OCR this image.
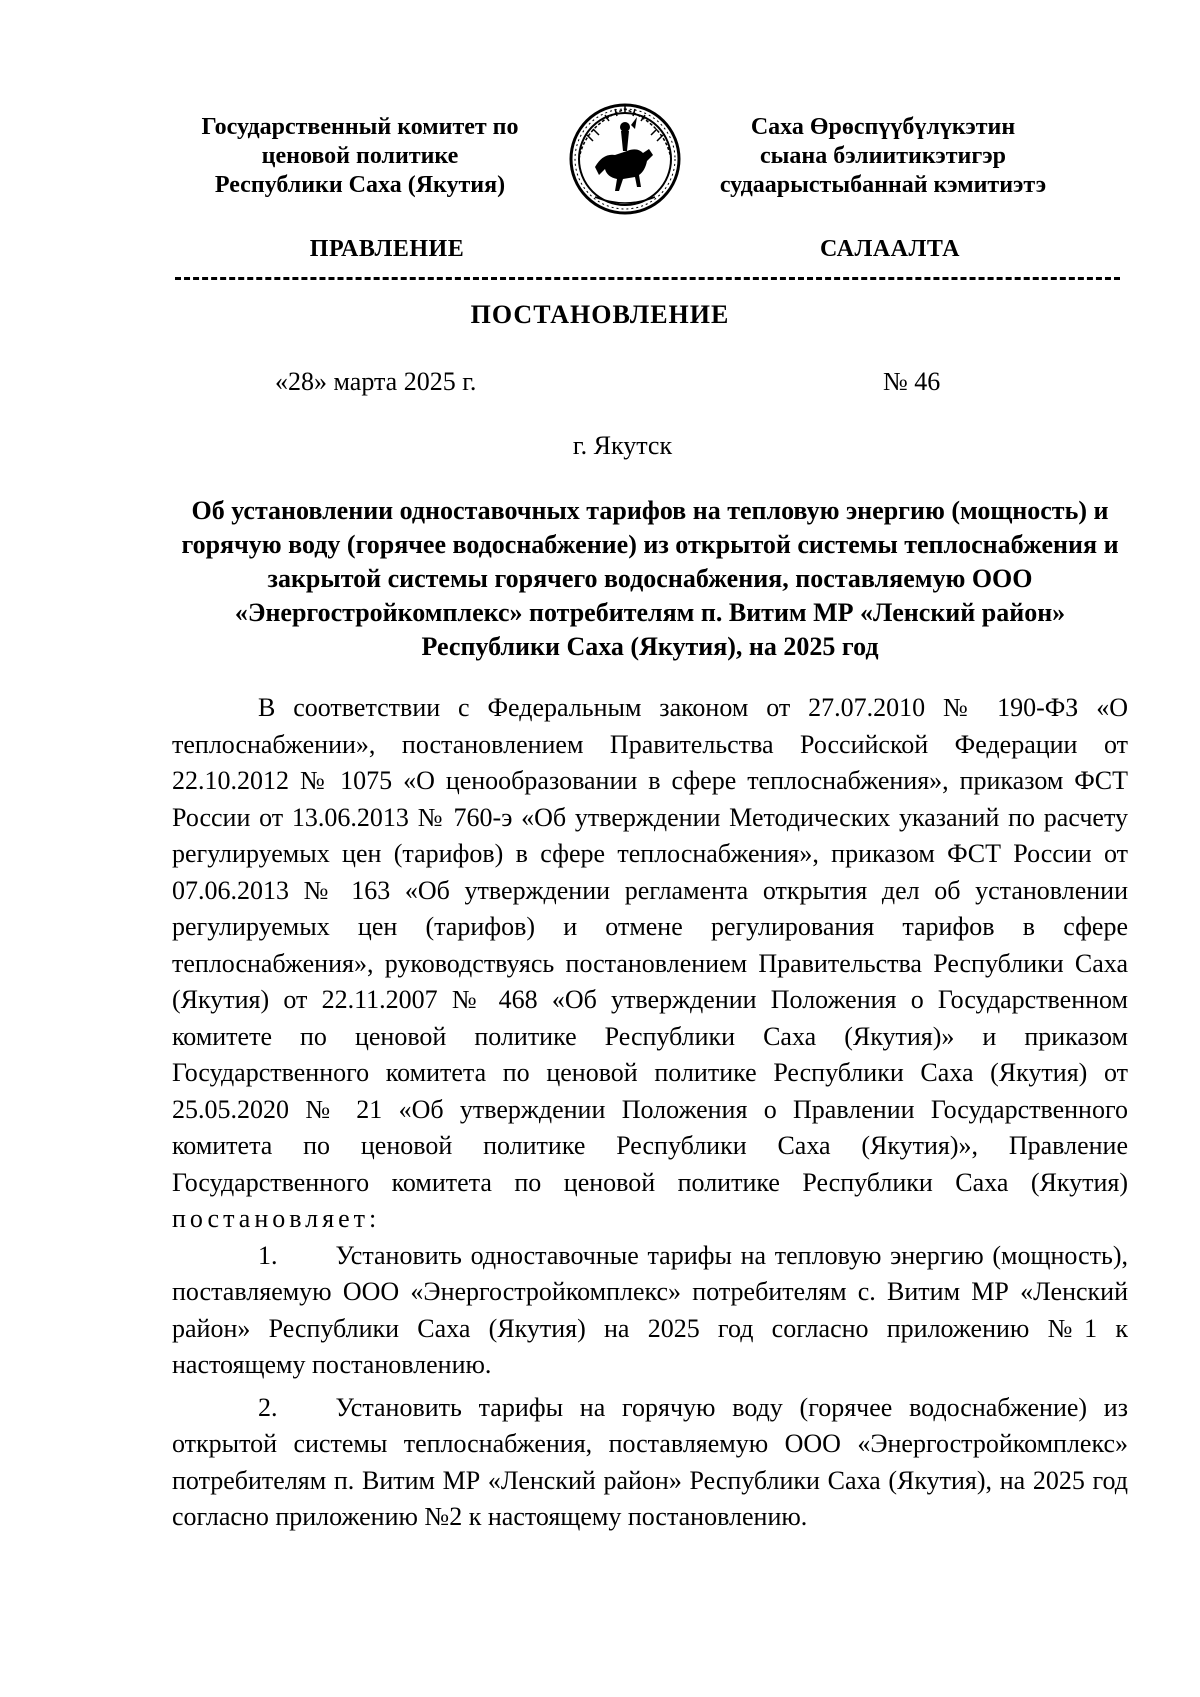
Государственный комитет по
ценовой политике
Республики Саха (Якутия)
Саха Өрөспүүбүлүкэтин
сыана бэлиитикэтигэр
судаарыстыбаннай кэмитиэтэ
ПРАВЛЕНИЕ	САЛААЛТА
ПОСТАНОВЛЕНИЕ
«28» марта 2025 г.	№ 46
г. Якутск
Об установлении одноставочных тарифов на тепловую энергию (мощность) и горячую воду (горячее водоснабжение) из открытой системы теплоснабжения и закрытой системы горячего водоснабжения, поставляемую ООО «Энергостройкомплекс» потребителям п. Витим МР «Ленский район» Республики Саха (Якутия), на 2025 год

В соответствии с Федеральным законом от 27.07.2010 № 190-ФЗ «О теплоснабжении», постановлением Правительства Российской Федерации от 22.10.2012 № 1075 «О ценообразовании в сфере теплоснабжения», приказом ФСТ России от 13.06.2013 № 760-э «Об утверждении Методических указаний по расчету регулируемых цен (тарифов) в сфере теплоснабжения», приказом ФСТ России от 07.06.2013 № 163 «Об утверждении регламента открытия дел об установлении регулируемых цен (тарифов) и отмене регулирования тарифов в сфере теплоснабжения», руководствуясь постановлением Правительства Республики Саха (Якутия) от 22.11.2007 № 468 «Об утверждении Положения о Государственном комитете по ценовой политике Республики Саха (Якутия)» и приказом Государственного комитета по ценовой политике Республики Саха (Якутия) от 25.05.2020 № 21 «Об утверждении Положения о Правлении Государственного комитета по ценовой политике Республики Саха (Якутия)», Правление Государственного комитета по ценовой политике Республики Саха (Якутия) постановляет:

1. Установить одноставочные тарифы на тепловую энергию (мощность), поставляемую ООО «Энергостройкомплекс» потребителям с. Витим МР «Ленский район» Республики Саха (Якутия) на 2025 год согласно приложению №1 к настоящему постановлению.

2. Установить тарифы на горячую воду (горячее водоснабжение) из открытой системы теплоснабжения, поставляемую ООО «Энергостройкомплекс» потребителям п. Витим МР «Ленский район» Республики Саха (Якутия), на 2025 год согласно приложению №2 к настоящему постановлению.
